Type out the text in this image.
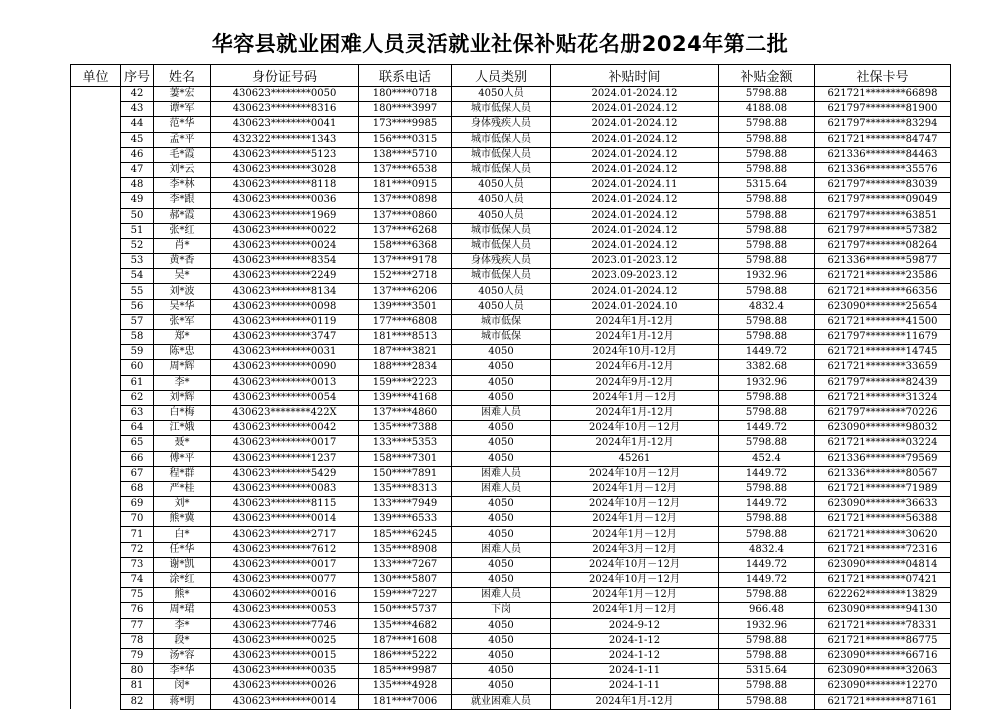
华容县就业困难人员灵活就业社保补贴花名册2024年第二批
单位	序号	姓名	身份证号码	联系电话	人员类别	补贴时间	补贴金额	社保卡号
	42	萋*宏	430623********0050	180****0718	4050人员	2024.01-2024.12	5798.88	621721********66898
	43	谭*军	430623********8316	180****3997	城市低保人员	2024.01-2024.12	4188.08	621797********81900
	44	范*华	430623********0041	173****9985	身体残疾人员	2024.01-2024.12	5798.88	621797********83294
	45	孟*平	432322********1343	156****0315	城市低保人员	2024.01-2024.12	5798.88	621721********84747
	46	毛*霞	430623********5123	138****5710	城市低保人员	2024.01-2024.12	5798.88	621336********84463
	47	刘*云	430623********3028	137****6538	城市低保人员	2024.01-2024.12	5798.88	621336********35576
	48	李*林	430623********8118	181****0915	4050人员	2024.01-2024.11	5315.64	621797********83039
	49	李*跟	430623********0036	137****0898	4050人员	2024.01-2024.12	5798.88	621797********09049
	50	郝*霞	430623********1969	137****0860	4050人员	2024.01-2024.12	5798.88	621797********63851
	51	张*红	430623********0022	137****6268	城市低保人员	2024.01-2024.12	5798.88	621797********57382
	52	肖*	430623********0024	158****6368	城市低保人员	2024.01-2024.12	5798.88	621797********08264
	53	黄*香	430623********8354	137****9178	身体残疾人员	2023.01-2023.12	5798.88	621336********59877
	54	吴*	430623********2249	152****2718	城市低保人员	2023.09-2023.12	1932.96	621721********23586
	55	刘*波	430623********8134	137****6206	4050人员	2024.01-2024.12	5798.88	621721********66356
	56	吴*华	430623********0098	139****3501	4050人员	2024.01-2024.10	4832.4	623090********25654
	57	张*军	430623********0119	177****6808	城市低保	2024年1月-12月	5798.88	621721********41500
	58	郑*	430623********3747	181****8513	城市低保	2024年1月-12月	5798.88	621797********11679
	59	陈*忠	430623********0031	187****3821	4050	2024年10月-12月	1449.72	621721********14745
	60	周*辉	430623********0090	188****2834	4050	2024年6月-12月	3382.68	621721********33659
	61	李*	430623********0013	159****2223	4050	2024年9月-12月	1932.96	621797********82439
	62	刘*辉	430623********0054	139****4168	4050	2024年1月－12月	5798.88	621721********31324
	63	白*梅	430623********422X	137****4860	困难人员	2024年1月-12月	5798.88	621797********70226
	64	江*娥	430623********0042	135****7388	4050	2024年10月－12月	1449.72	623090********98032
	65	聂*	430623********0017	133****5353	4050	2024年1月-12月	5798.88	621721********03224
	66	傅*平	430623********1237	158****7301	4050	45261	452.4	621336********79569
	67	程*群	430623********5429	150****7891	困难人员	2024年10月－12月	1449.72	621336********80567
	68	严*桂	430623********0083	135****8313	困难人员	2024年1月－12月	5798.88	621721********71989
	69	刘*	430623********8115	133****7949	4050	2024年10月－12月	1449.72	623090********36633
	70	熊*冀	430623********0014	139****6533	4050	2024年1月－12月	5798.88	621721********56388
	71	白*	430623********2717	185****6245	4050	2024年1月－12月	5798.88	621721********30620
	72	任*华	430623********7612	135****8908	困难人员	2024年3月－12月	4832.4	621721********72316
	73	谢*凯	430623********0017	133****7267	4050	2024年10月－12月	1449.72	623090********04814
	74	涂*红	430623********0077	130****5807	4050	2024年10月－12月	1449.72	621721********07421
	75	熊*	430602********0016	159****7227	困难人员	2024年1月－12月	5798.88	622262********13829
	76	周*珺	430623********0053	150****5737	下岗	2024年1月－12月	966.48	623090********94130
	77	李*	430623********7746	135****4682	4050	2024-9-12	1932.96	621721********78331
	78	段*	430623********0025	187****1608	4050	2024-1-12	5798.88	621721********86775
	79	汤*容	430623********0015	186****5222	4050	2024-1-12	5798.88	623090********66716
	80	李*华	430623********0035	185****9987	4050	2024-1-11	5315.64	623090********32063
	81	闵*	430623********0026	135****4928	4050	2024-1-11	5798.88	623090********12270
	82	蒋*明	430623********0014	181****7006	就业困难人员	2024年1月-12月	5798.88	621721********87161
